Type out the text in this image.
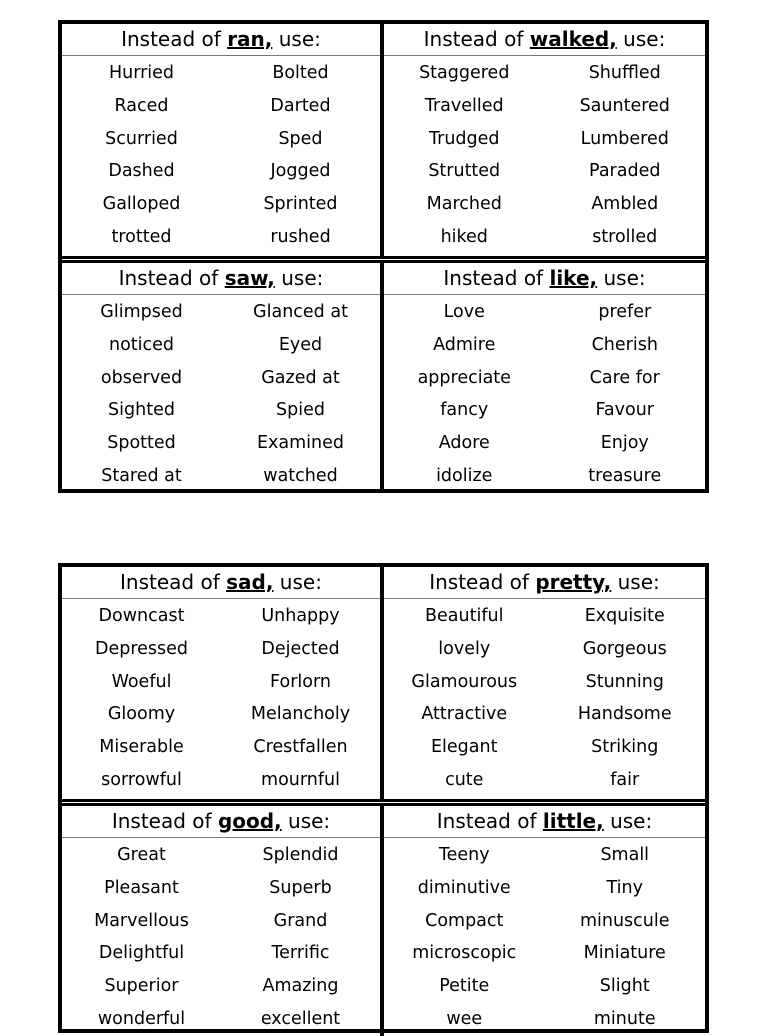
Instead of ran, use:
Hurried	Bolted
Raced	Darted
Scurried	Sped
Dashed	Jogged
Galloped	Sprinted
trotted	rushed
Instead of walked, use:
Staggered	Shuffled
Travelled	Sauntered
Trudged	Lumbered
Strutted	Paraded
Marched	Ambled
hiked	strolled
Instead of saw, use:
Glimpsed	Glanced at
noticed	Eyed
observed	Gazed at
Sighted	Spied
Spotted	Examined
Stared at	watched
Instead of like, use:
Love	prefer
Admire	Cherish
appreciate	Care for
fancy	Favour
Adore	Enjoy
idolize	treasure
Instead of sad, use:
Downcast	Unhappy
Depressed	Dejected
Woeful	Forlorn
Gloomy	Melancholy
Miserable	Crestfallen
sorrowful	mournful
Instead of pretty, use:
Beautiful	Exquisite
lovely	Gorgeous
Glamourous	Stunning
Attractive	Handsome
Elegant	Striking
cute	fair
Instead of good, use:
Great	Splendid
Pleasant	Superb
Marvellous	Grand
Delightful	Terrific
Superior	Amazing
wonderful	excellent
Instead of little, use:
Teeny	Small
diminutive	Tiny
Compact	minuscule
microscopic	Miniature
Petite	Slight
wee	minute
